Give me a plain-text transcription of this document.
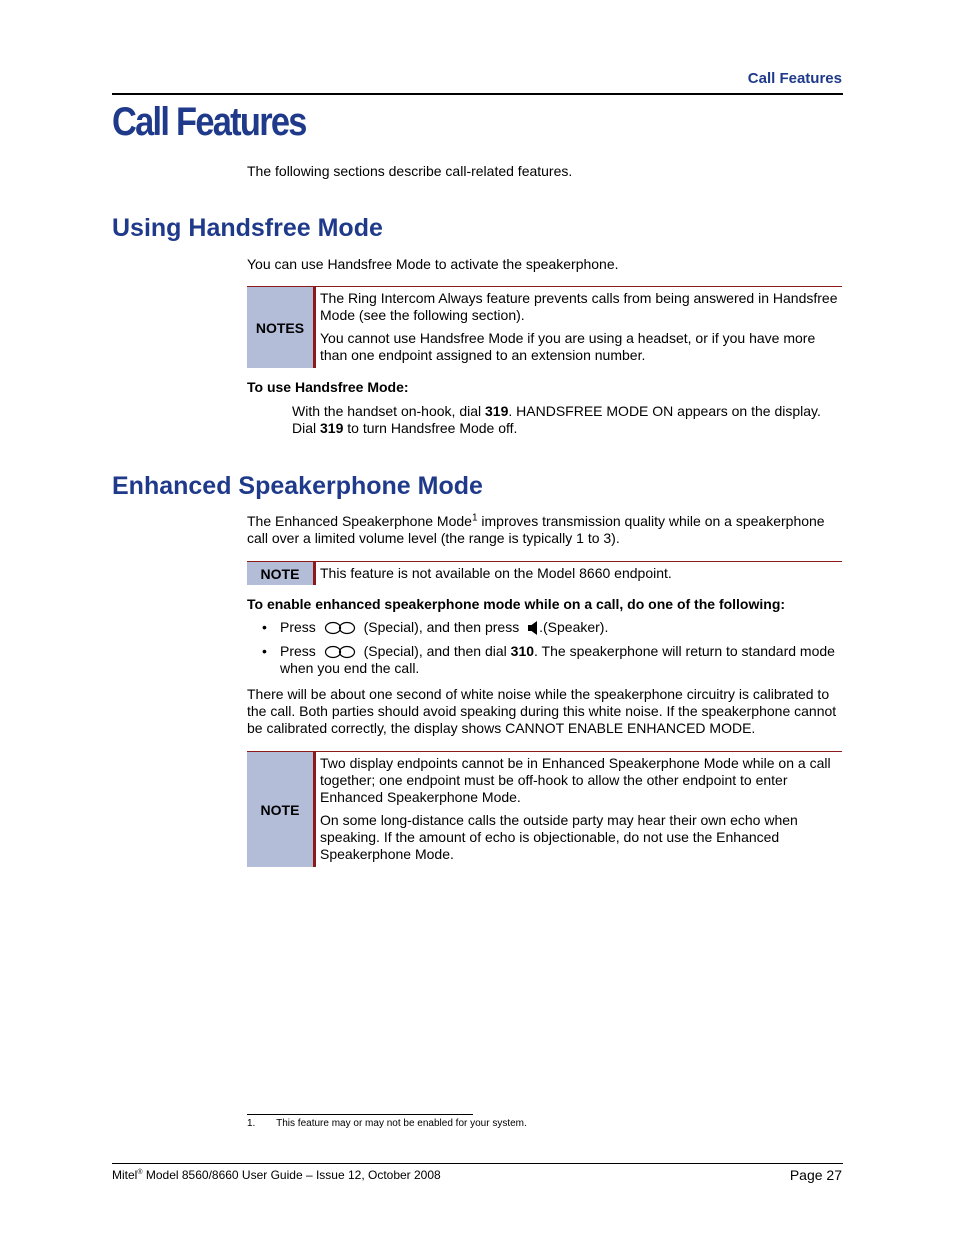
Call Features
Call Features
The following sections describe call-related features.
Using Handsfree Mode
You can use Handsfree Mode to activate the speakerphone.
NOTES

The Ring Intercom Always feature prevents calls from being answered in Handsfree Mode (see the following section).

You cannot use Handsfree Mode if you are using a headset, or if you have more than one endpoint assigned to an extension number.

To use Handsfree Mode:
With the handset on-hook, dial 319. HANDSFREE MODE ON appears on the display.
Dial 319 to turn Handsfree Mode off.
Enhanced Speakerphone Mode
The Enhanced Speakerphone Mode$^1$ improves transmission quality while on a speakerphone call over a limited volume level (the range is typically 1 to 3).
NOTE	This feature is not available on the Model 8660 endpoint.
To enable enhanced speakerphone mode while on a call, do one of the following:
• Press	(Special), and then press .(Speaker).
• Press	(Special), and then dial 310. The speakerphone will return to standard mode when you end the call.
There will be about one second of white noise while the speakerphone circuitry is calibrated to the call. Both parties should avoid speaking during this white noise. If the speakerphone cannot be calibrated correctly, the display shows CANNOT ENABLE ENHANCED MODE.
NOTE

Two display endpoints cannot be in Enhanced Speakerphone Mode while on a call together; one endpoint must be off-hook to allow the other endpoint to enter Enhanced Speakerphone Mode.

On some long-distance calls the outside party may hear their own echo when speaking. If the amount of echo is objectionable, do not use the Enhanced Speakerphone Mode.

1. This feature may or may not be enabled for your system.
Mitel® Model 8560/8660 User Guide – Issue 12, October 2008	Page 27
